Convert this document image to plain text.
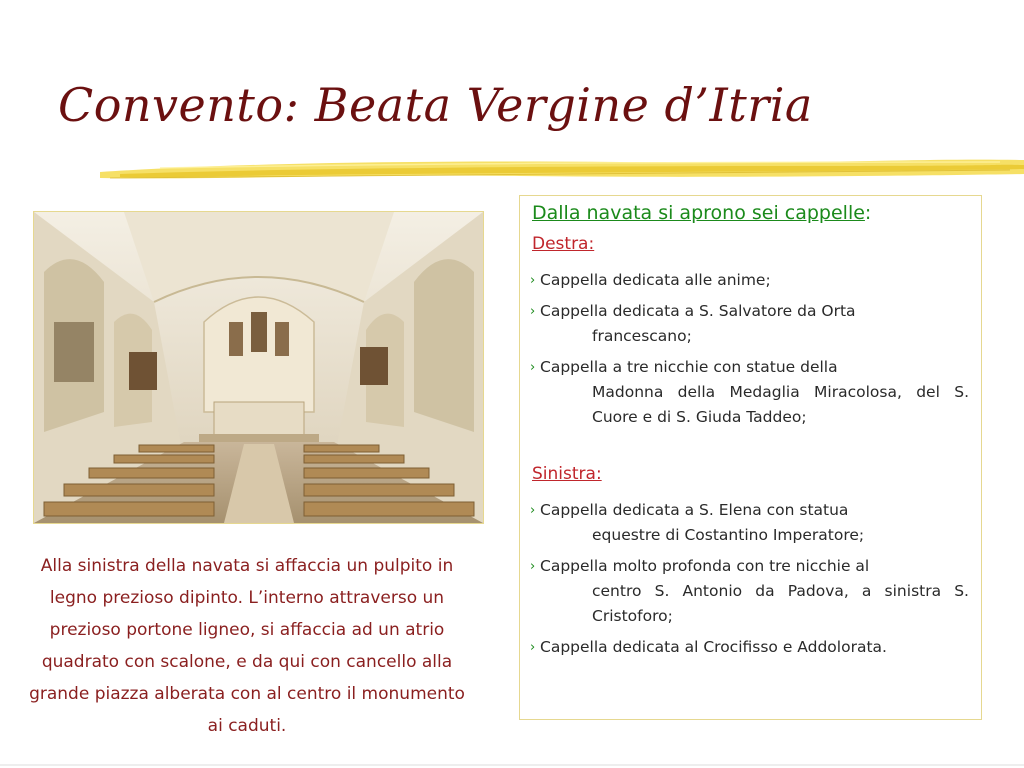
Convento: Beata Vergine d’Itria
Alla sinistra della navata si affaccia un pulpito in legno prezioso dipinto. L’interno attraverso un prezioso portone ligneo, si affaccia ad un atrio quadrato con scalone, e da qui con cancello alla grande piazza alberata con al centro il monumento ai caduti.

Dalla navata si aprono sei cappelle:

Destra:
› Cappella dedicata alle anime;
› Cappella dedicata a S. Salvatore da Orta
francescano;
› Cappella a tre nicchie con statue della
Madonna della Medaglia Miracolosa, del S. Cuore e di S. Giuda Taddeo;
Sinistra:
› Cappella dedicata a S. Elena con statua
equestre di Costantino Imperatore;
› Cappella molto profonda con tre nicchie al
centro S. Antonio da Padova, a sinistra S. Cristoforo;
› Cappella dedicata al Crocifisso e Addolorata.
